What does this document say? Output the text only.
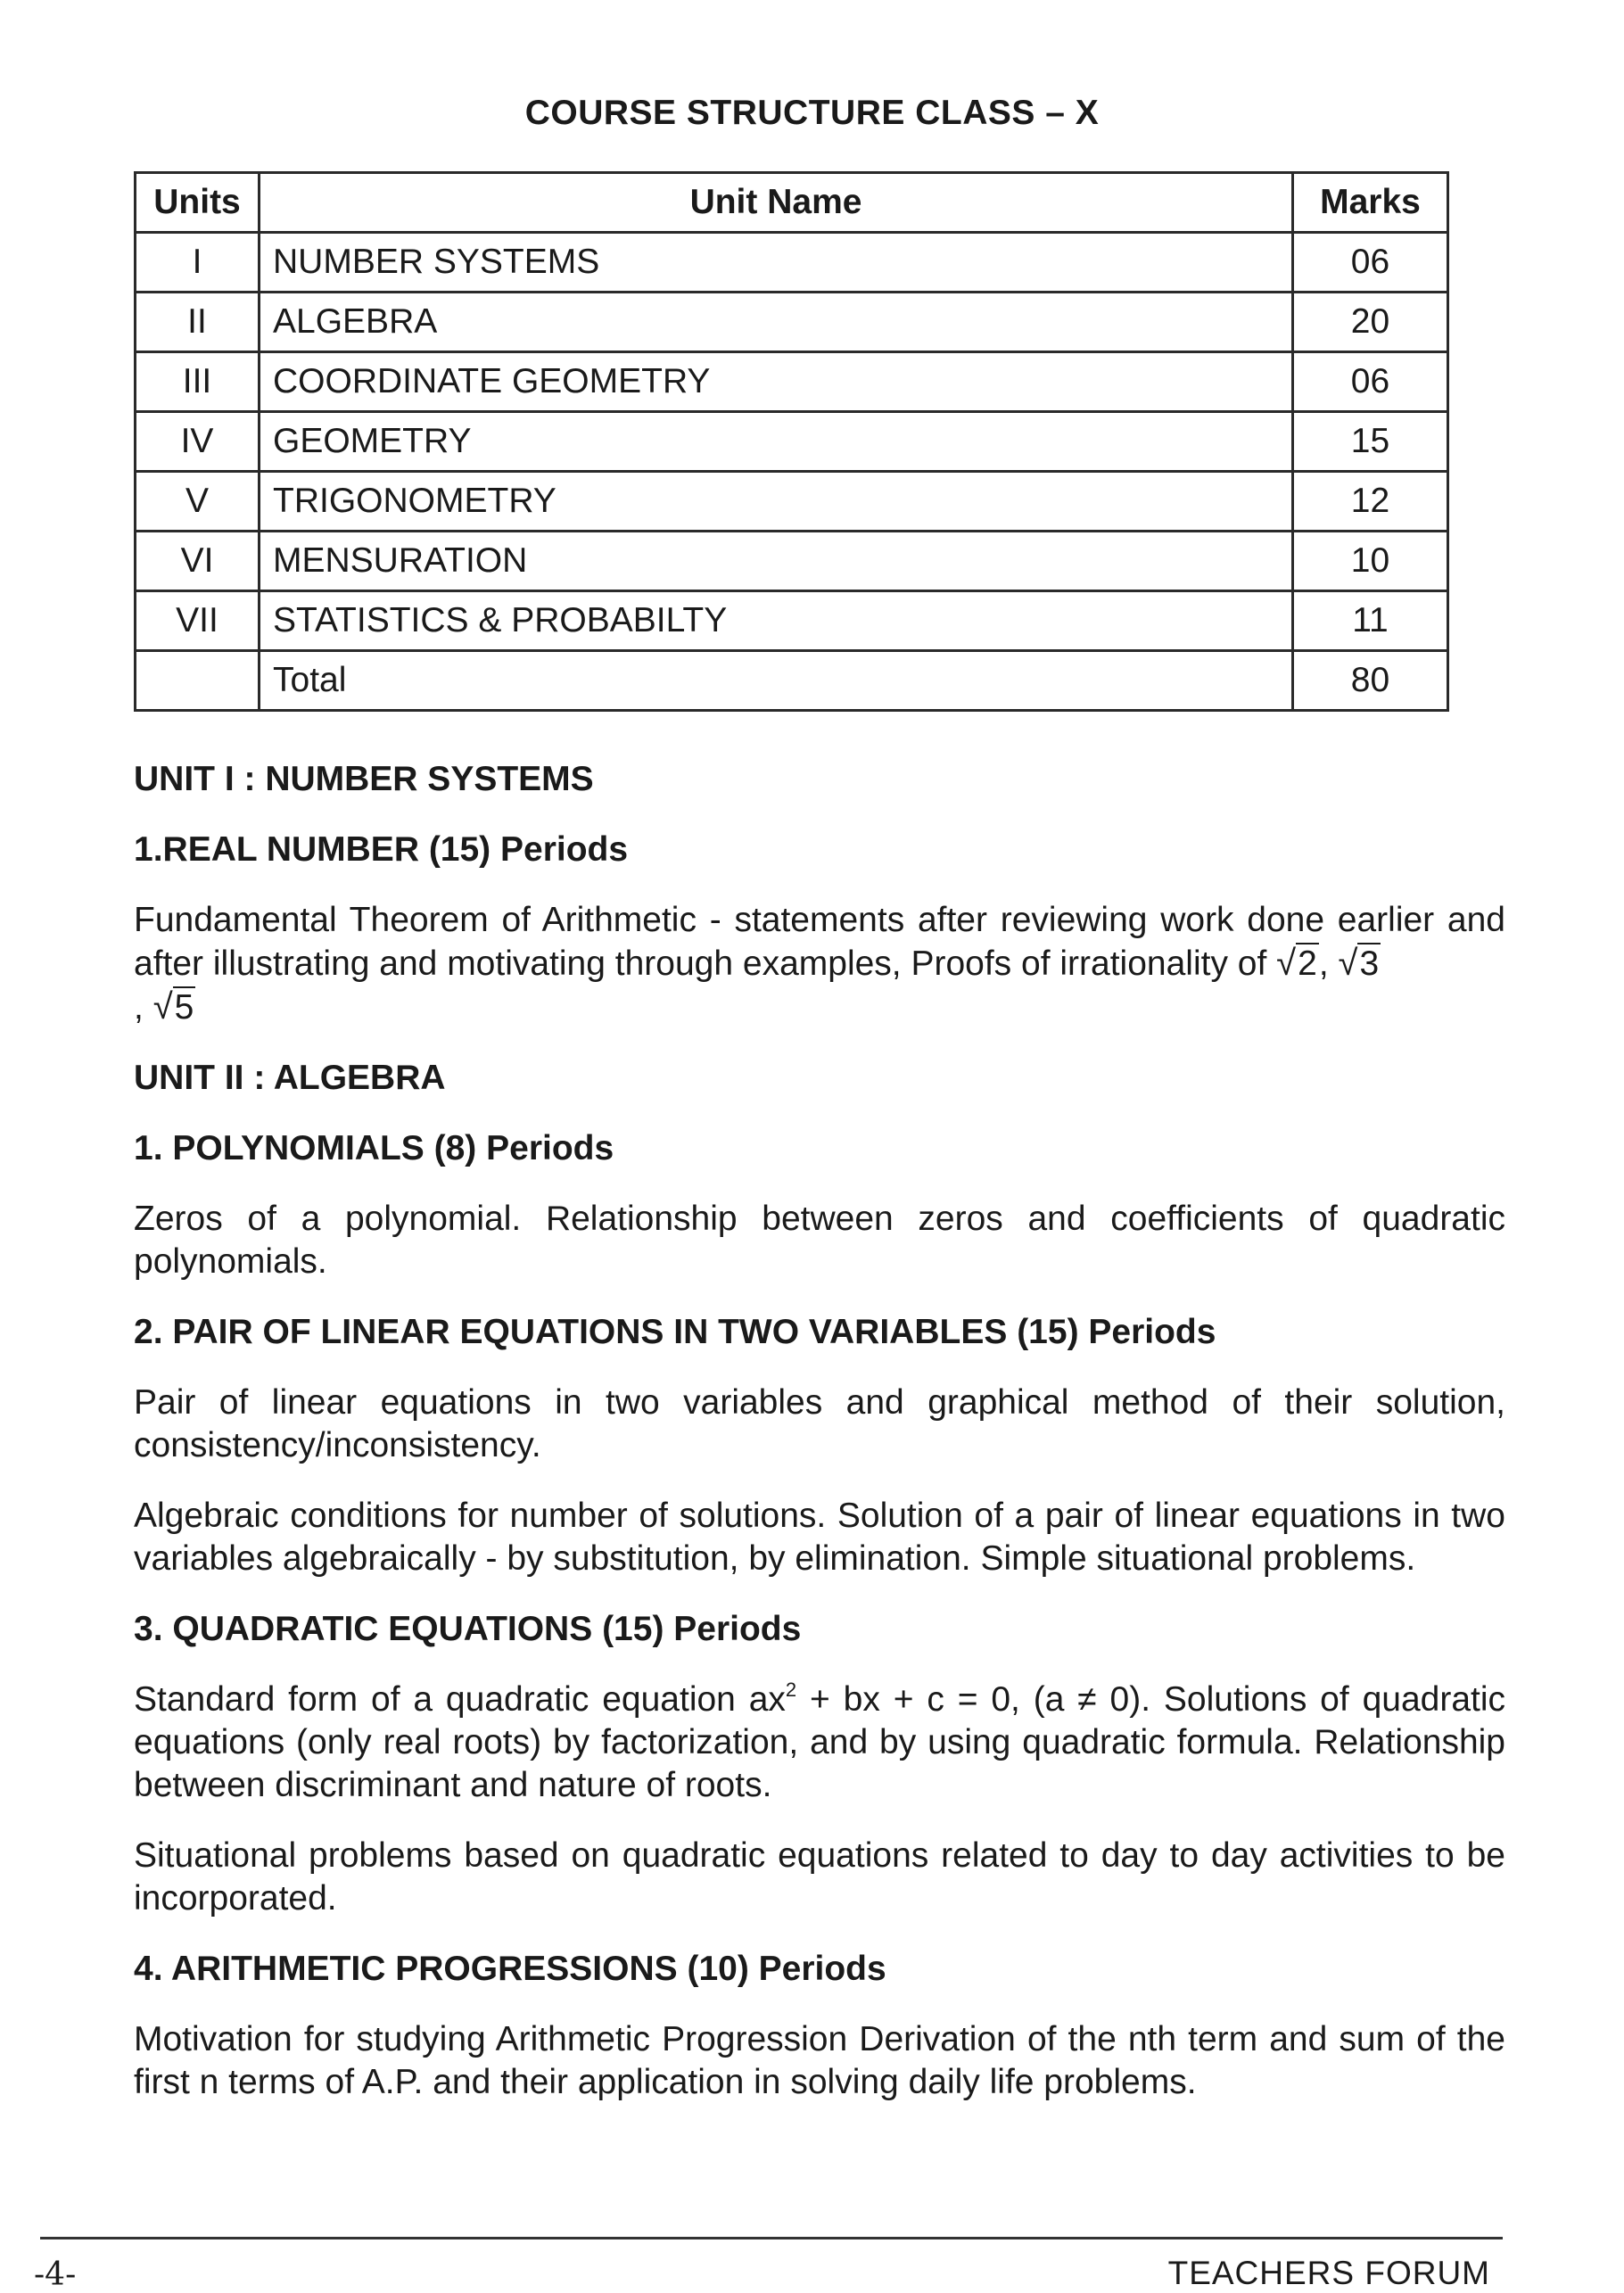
COURSE STRUCTURE CLASS – X
Units	Unit Name	Marks
I	NUMBER SYSTEMS	06
II	ALGEBRA	20
III	COORDINATE GEOMETRY	06
IV	GEOMETRY	15
V	TRIGONOMETRY	12
VI	MENSURATION	10
VII	STATISTICS & PROBABILTY	11
	Total	80
UNIT I : NUMBER SYSTEMS
1.REAL NUMBER (15) Periods

Fundamental Theorem of Arithmetic - statements after reviewing work done earlier and after illustrating and motivating through examples, Proofs of irrationality of √2, √3
, √5

UNIT II : ALGEBRA
1. POLYNOMIALS (8) Periods

Zeros of a polynomial. Relationship between zeros and coefficients of quadratic polynomials.

2. PAIR OF LINEAR EQUATIONS IN TWO VARIABLES (15) Periods

Pair of linear equations in two variables and graphical method of their solution, consistency/inconsistency.

Algebraic conditions for number of solutions. Solution of a pair of linear equations in two variables algebraically - by substitution, by elimination. Simple situational problems.

3. QUADRATIC EQUATIONS (15) Periods

Standard form of a quadratic equation $ax^2$ + bx + c = 0, (a ≠ 0). Solutions of quadratic equations (only real roots) by factorization, and by using quadratic formula. Relationship between discriminant and nature of roots.

Situational problems based on quadratic equations related to day to day activities to be incorporated.

4. ARITHMETIC PROGRESSIONS (10) Periods

Motivation for studying Arithmetic Progression Derivation of the nth term and sum of the first n terms of A.P. and their application in solving daily life problems.

-4-	TEACHERS FORUM
